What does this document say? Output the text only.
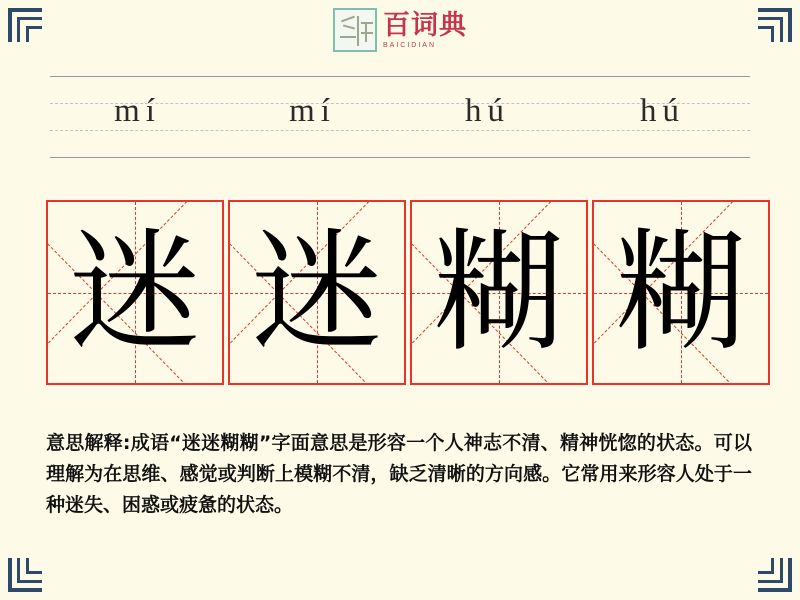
百词典
BAICIDIAN
mí	mí	hú	hú
迷 迷 糊 糊
意思解释:成语“迷迷糊糊”字面意思是形容一个人神志不清、精神恍惚的状态。可以理解为在思维、感觉或判断上模糊不清，缺乏清晰的方向感。它常用来形容人处于一种迷失、困惑或疲惫的状态。
